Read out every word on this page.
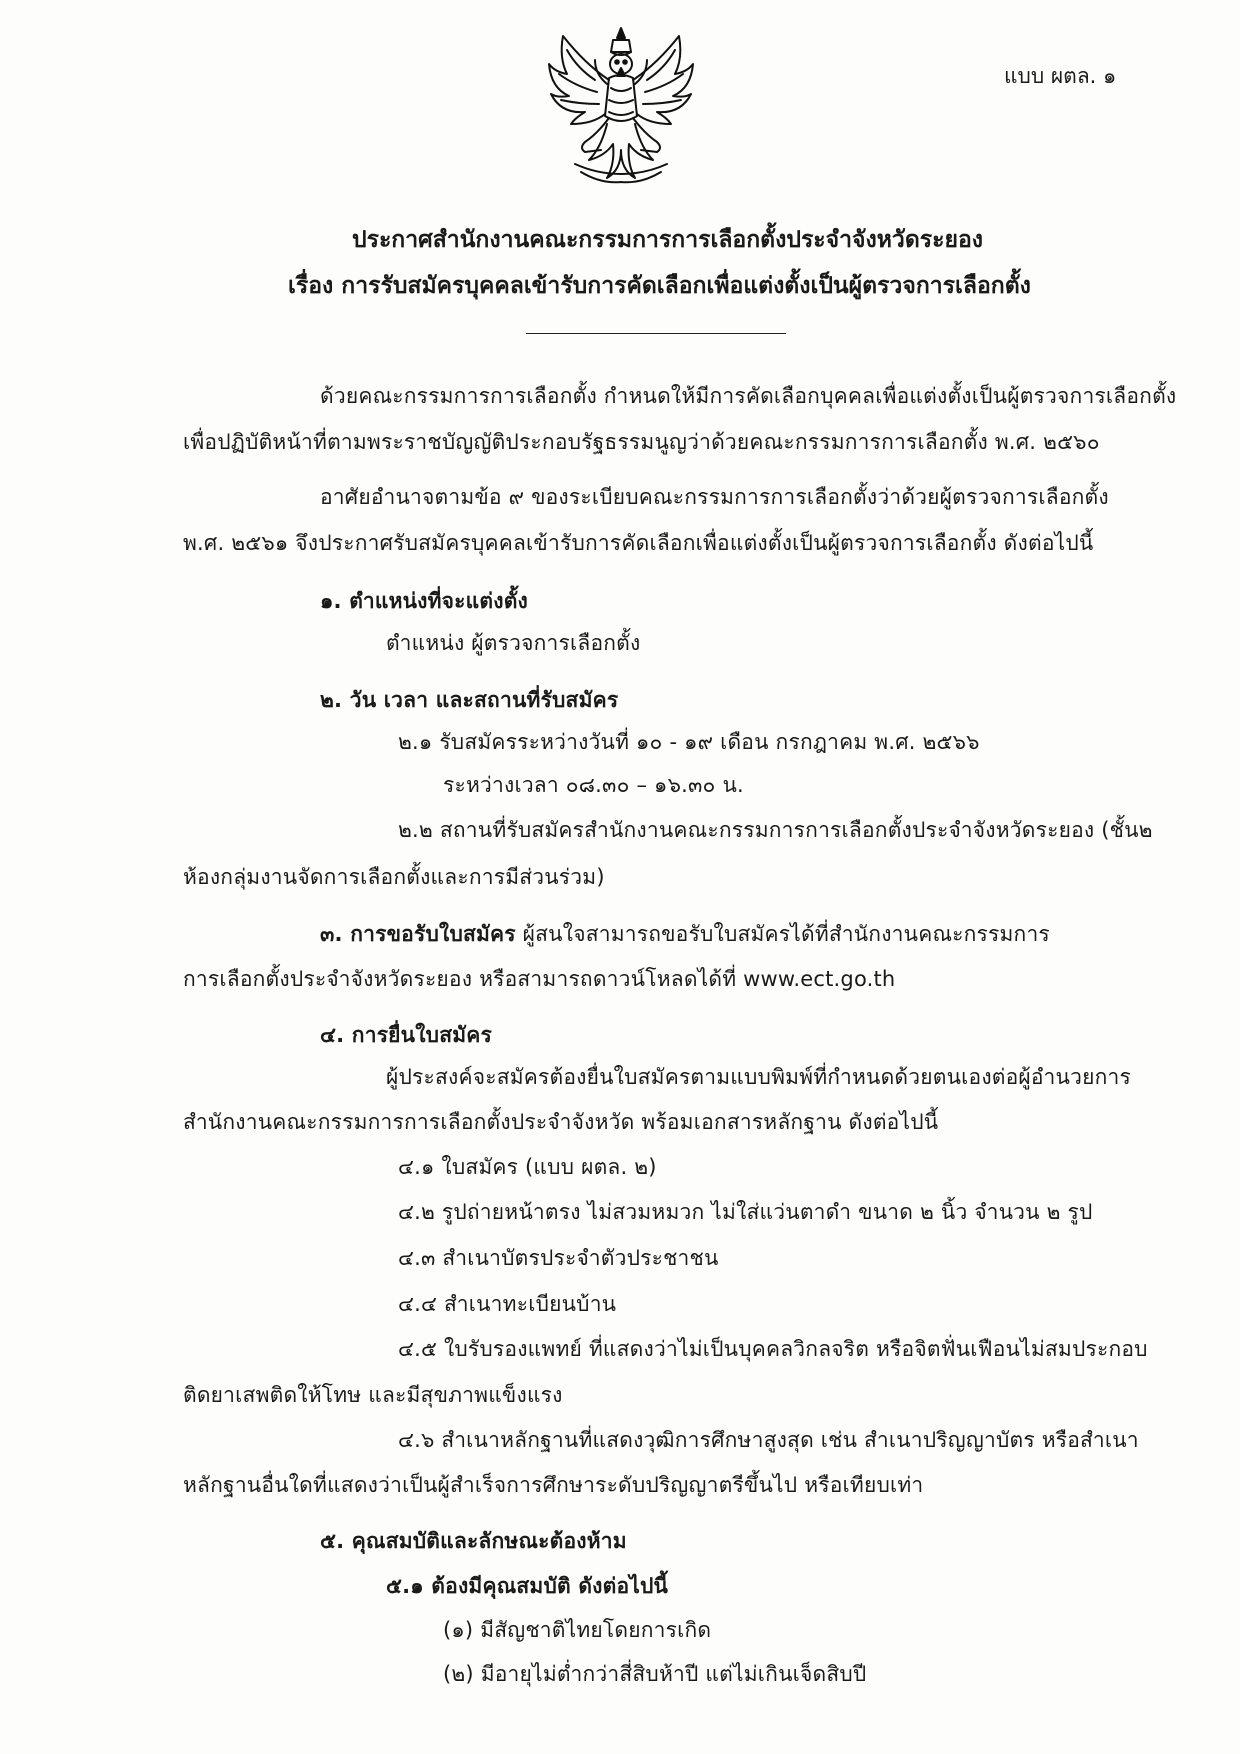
แบบ ผตล. ๑
ประกาศสำนักงานคณะกรรมการการเลือกตั้งประจำจังหวัดระยอง
เรื่อง การรับสมัครบุคคลเข้ารับการคัดเลือกเพื่อแต่งตั้งเป็นผู้ตรวจการเลือกตั้ง
ด้วยคณะกรรมการการเลือกตั้ง กำหนดให้มีการคัดเลือกบุคคลเพื่อแต่งตั้งเป็นผู้ตรวจการเลือกตั้ง
เพื่อปฏิบัติหน้าที่ตามพระราชบัญญัติประกอบรัฐธรรมนูญว่าด้วยคณะกรรมการการเลือกตั้ง พ.ศ. ๒๕๖๐
อาศัยอำนาจตามข้อ ๙ ของระเบียบคณะกรรมการการเลือกตั้งว่าด้วยผู้ตรวจการเลือกตั้ง
พ.ศ. ๒๕๖๑ จึงประกาศรับสมัครบุคคลเข้ารับการคัดเลือกเพื่อแต่งตั้งเป็นผู้ตรวจการเลือกตั้ง ดังต่อไปนี้
๑. ตำแหน่งที่จะแต่งตั้ง
ตำแหน่ง ผู้ตรวจการเลือกตั้ง
๒. วัน เวลา และสถานที่รับสมัคร
๒.๑ รับสมัครระหว่างวันที่ ๑๐ - ๑๙ เดือน กรกฎาคม พ.ศ. ๒๕๖๖
ระหว่างเวลา ๐๘.๓๐ – ๑๖.๓๐ น.
๒.๒ สถานที่รับสมัครสำนักงานคณะกรรมการการเลือกตั้งประจำจังหวัดระยอง (ชั้น๒
ห้องกลุ่มงานจัดการเลือกตั้งและการมีส่วนร่วม)
๓. การขอรับใบสมัคร ผู้สนใจสามารถขอรับใบสมัครได้ที่สำนักงานคณะกรรมการ
การเลือกตั้งประจำจังหวัดระยอง หรือสามารถดาวน์โหลดได้ที่ www.ect.go.th
๔. การยื่นใบสมัคร
ผู้ประสงค์จะสมัครต้องยื่นใบสมัครตามแบบพิมพ์ที่กำหนดด้วยตนเองต่อผู้อำนวยการ
สำนักงานคณะกรรมการการเลือกตั้งประจำจังหวัด พร้อมเอกสารหลักฐาน ดังต่อไปนี้
๔.๑ ใบสมัคร (แบบ ผตล. ๒)
๔.๒ รูปถ่ายหน้าตรง ไม่สวมหมวก ไม่ใส่แว่นตาดำ ขนาด ๒ นิ้ว จำนวน ๒ รูป
๔.๓ สำเนาบัตรประจำตัวประชาชน
๔.๔ สำเนาทะเบียนบ้าน
๔.๕ ใบรับรองแพทย์ ที่แสดงว่าไม่เป็นบุคคลวิกลจริต หรือจิตฟั่นเฟือนไม่สมประกอบ
ติดยาเสพติดให้โทษ และมีสุขภาพแข็งแรง
๔.๖ สำเนาหลักฐานที่แสดงวุฒิการศึกษาสูงสุด เช่น สำเนาปริญญาบัตร หรือสำเนา
หลักฐานอื่นใดที่แสดงว่าเป็นผู้สำเร็จการศึกษาระดับปริญญาตรีขึ้นไป หรือเทียบเท่า
๕. คุณสมบัติและลักษณะต้องห้าม
๕.๑ ต้องมีคุณสมบัติ ดังต่อไปนี้
(๑) มีสัญชาติไทยโดยการเกิด
(๒) มีอายุไม่ต่ำกว่าสี่สิบห้าปี แต่ไม่เกินเจ็ดสิบปี
